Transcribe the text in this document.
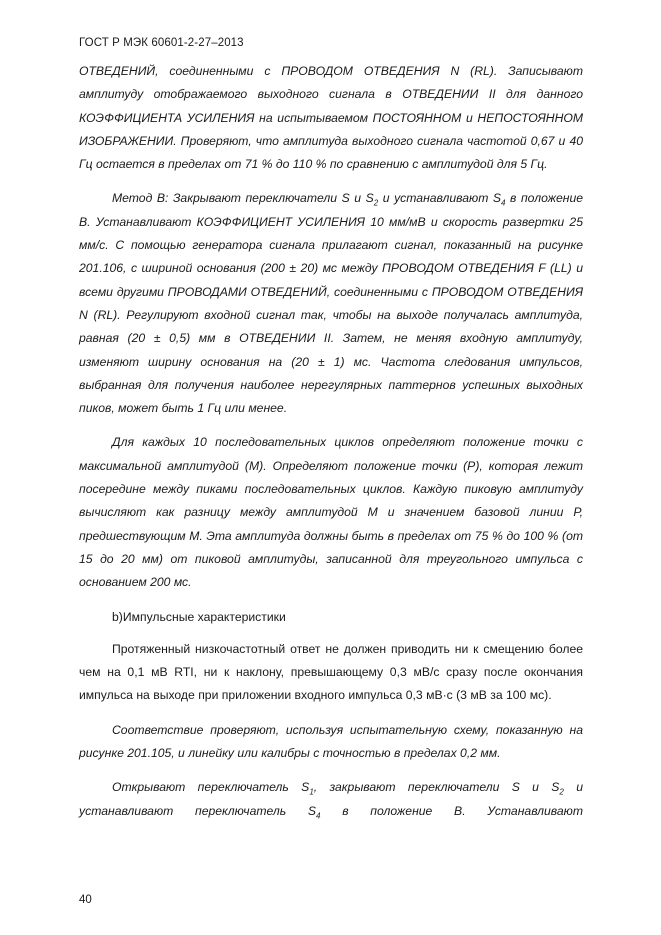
ГОСТ Р МЭК 60601-2-27–2013

ОТВЕДЕНИЙ, соединенными с ПРОВОДОМ ОТВЕДЕНИЯ N (RL). Записывают амплитуду отображаемого выходного сигнала в ОТВЕДЕНИИ II для данного КОЭФФИЦИЕНТА УСИЛЕНИЯ на испытываемом ПОСТОЯННОМ и НЕПОСТОЯННОМ ИЗОБРАЖЕНИИ. Проверяют, что амплитуда выходного сигнала частотой 0,67 и 40 Гц остается в пределах от 71 % до 110 % по сравнению с амплитудой для 5 Гц.

Метод В: Закрывают переключатели S и $S_2$ и устанавливают $S_4$ в положение В. Устанавливают КОЭФФИЦИЕНТ УСИЛЕНИЯ 10 мм/мВ и скорость развертки 25 мм/с. С помощью генератора сигнала прилагают сигнал, показанный на рисунке 201.106, с шириной основания (200 ± 20) мс между ПРОВОДОМ ОТВЕДЕНИЯ F (LL) и всеми другими ПРОВОДАМИ ОТВЕДЕНИЙ, соединенными с ПРОВОДОМ ОТВЕДЕНИЯ N (RL). Регулируют входной сигнал так, чтобы на выходе получалась амплитуда, равная (20 ± 0,5) мм в ОТВЕДЕНИИ II. Затем, не меняя входную амплитуду, изменяют ширину основания на (20 ± 1) мс. Частота следования импульсов, выбранная для получения наиболее нерегулярных паттернов успешных выходных пиков, может быть 1 Гц или менее.

Для каждых 10 последовательных циклов определяют положение точки с максимальной амплитудой (М). Определяют положение точки (Р), которая лежит посередине между пиками последовательных циклов. Каждую пиковую амплитуду вычисляют как разницу между амплитудой М и значением базовой линии Р, предшествующим М. Эта амплитуда должны быть в пределах от 75 % до 100 % (от 15 до 20 мм) от пиковой амплитуды, записанной для треугольного импульса с основанием 200 мс.

b)Импульсные характеристики

Протяженный низкочастотный ответ не должен приводить ни к смещению более чем на 0,1 мВ RTI, ни к наклону, превышающему 0,3 мВ/с сразу после окончания импульса на выходе при приложении входного импульса 0,3 мВ·с (3 мВ за 100 мс).

Соответствие проверяют, используя испытательную схему, показанную на рисунке 201.105, и линейку или калибры с точностью в пределах 0,2 мм.

Открывают переключатель $S_1$, закрывают переключатели S и $S_2$ и устанавливают переключатель $S_4$ в положение В. Устанавливают

40
